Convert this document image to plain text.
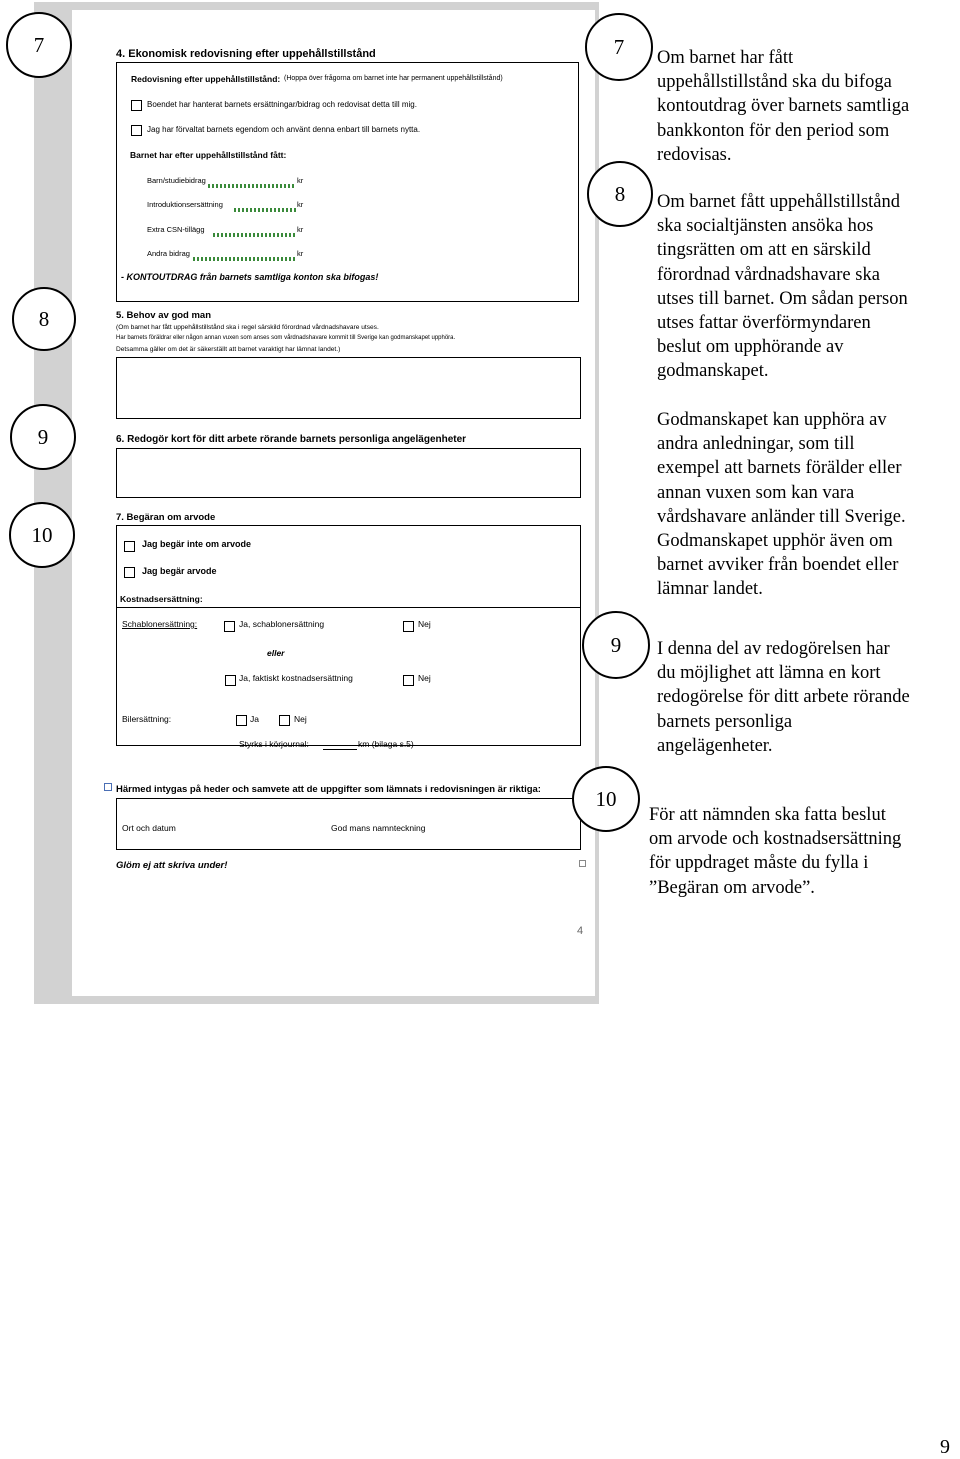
4. Ekonomisk redovisning efter uppehållstillstånd
Redovisning efter uppehållstillstånd: (Hoppa över frågorna om barnet inte har permanent uppehållstillstånd)
Boendet har hanterat barnets ersättningar/bidrag och redovisat detta till mig.
Jag har förvaltat barnets egendom och använt denna enbart till barnets nytta.
Barnet har efter uppehållstillstånd fått:
Barn/studiebidrag	kr
Introduktionsersättning	kr
Extra CSN-tillägg	kr
Andra bidrag	kr
- KONTOUTDRAG från barnets samtliga konton ska bifogas!
5. Behov av god man
(Om barnet har fått uppehållstillstånd ska i regel särskild förordnad vårdnadshavare utses.
Har barnets föräldrar eller någon annan vuxen som anses som vårdnadshavare kommit till Sverige kan godmanskapet upphöra.
Detsamma gäller om det är säkerställt att barnet varaktigt har lämnat landet.)
6. Redogör kort för ditt arbete rörande barnets personliga angelägenheter
7. Begäran om arvode
Jag begär inte om arvode
Jag begär arvode
Kostnadsersättning:
Schablonersättning:	Ja, schablonersättning	Nej
eller
Ja, faktiskt kostnadsersättning	Nej
Bilersättning:	Ja	Nej
Styrks i körjournal:	km (bilaga s.5)
Härmed intygas på heder och samvete att de uppgifter som lämnats i redovisningen är riktiga:
Ort och datum	God mans namnteckning
Glöm ej att skriva under!
4
7
8
9
10
7
8
9
10
Om barnet har fått
uppehållstillstånd ska du bifoga
kontoutdrag över barnets samtliga
bankkonton för den period som
redovisas.
Om barnet fått uppehållstillstånd
ska socialtjänsten ansöka hos
tingsrätten om att en särskild
förordnad vårdnadshavare ska
utses till barnet. Om sådan person
utses fattar överförmyndaren
beslut om upphörande av
godmanskapet.
Godmanskapet kan upphöra av
andra anledningar, som till
exempel att barnets förälder eller
annan vuxen som kan vara
vårdshavare anländer till Sverige.
Godmanskapet upphör även om
barnet avviker från boendet eller
lämnar landet.
I denna del av redogörelsen har
du möjlighet att lämna en kort
redogörelse för ditt arbete rörande
barnets personliga
angelägenheter.
För att nämnden ska fatta beslut
om arvode och kostnadsersättning
för uppdraget måste du fylla i
”Begäran om arvode”.
9
